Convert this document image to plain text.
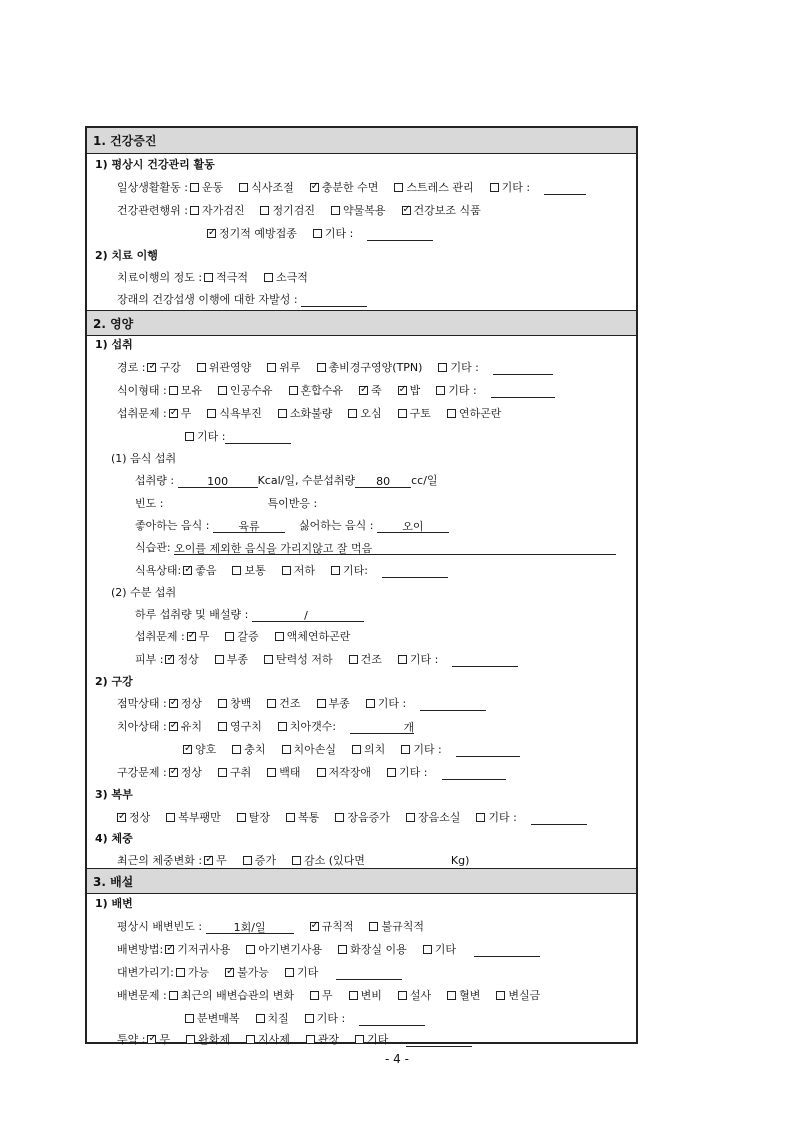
1. 건강증진
1) 평상시 건강관리 활동
일상생활활동 : 운동	식사조절 ✓	충분한 수면	스트레스 관리	기타 :
건강관련행위 : 자가검진	정기검진	약물복용 ✓	건강보조 식품
✓정기적 예방접종	기타 :
2) 치료 이행
치료이행의 정도 : 적극적	소극적
장래의 건강섭생 이행에 대한 자발성 :
2. 영양
1) 섭취
경로 : ✓ 구강	위관영양	위루	총비경구영양(TPN)	기타 :
식이형태 : 모유	인공수유	혼합수유 ✓	죽 ✓	밥	기타 :
섭취문제 : ✓ 무	식욕부진	소화불량	오심	구토	연하곤란
기타 :
(1) 음식 섭취
섭취량 :	100	Kcal/일, 수분섭취량 80 cc/일
빈도 :	특이반응 :
좋아하는 음식 :	육류	싫어하는 음식 :	오이
식습관: 오이를 제외한 음식을 가리지않고 잘 먹음
식욕상태: ✓ 좋음	보통	저하	기타:
(2) 수분 섭취
하루 섭취량 및 배설량 :	/
섭취문제 : ✓ 무	갈증	액체연하곤란
피부 : ✓ 정상	부종	탄력성 저하	건조	기타 :
2) 구강
점막상태 : ✓ 정상	창백	건조	부종	기타 :
치아상태 : ✓ 유치	영구치	치아갯수:	개
✓양호	충치	치아손실	의치	기타 :
구강문제 : ✓ 정상	구취	백태	저작장애	기타 :
3) 복부
✓정상	복부팽만	탈장	복통	장음증가	장음소실	기타 :
4) 체중
최근의 체중변화 : ✓ 무	증가	감소 (있다면	Kg)
3. 배설
1) 배변
평상시 배변빈도 :	1회/일 ✓	규칙적	불규칙적
배변방법: ✓ 기저귀사용	아기변기사용	화장실 이용	기타
대변가리기: 가능 ✓	불가능	기타
배변문제 : 최근의 배변습관의 변화	무	변비	설사	혈변	변실금
분변매복	치질	기타 :
투약 : ✓ 무	완화제	지사제	관장	기타
- 4 -
